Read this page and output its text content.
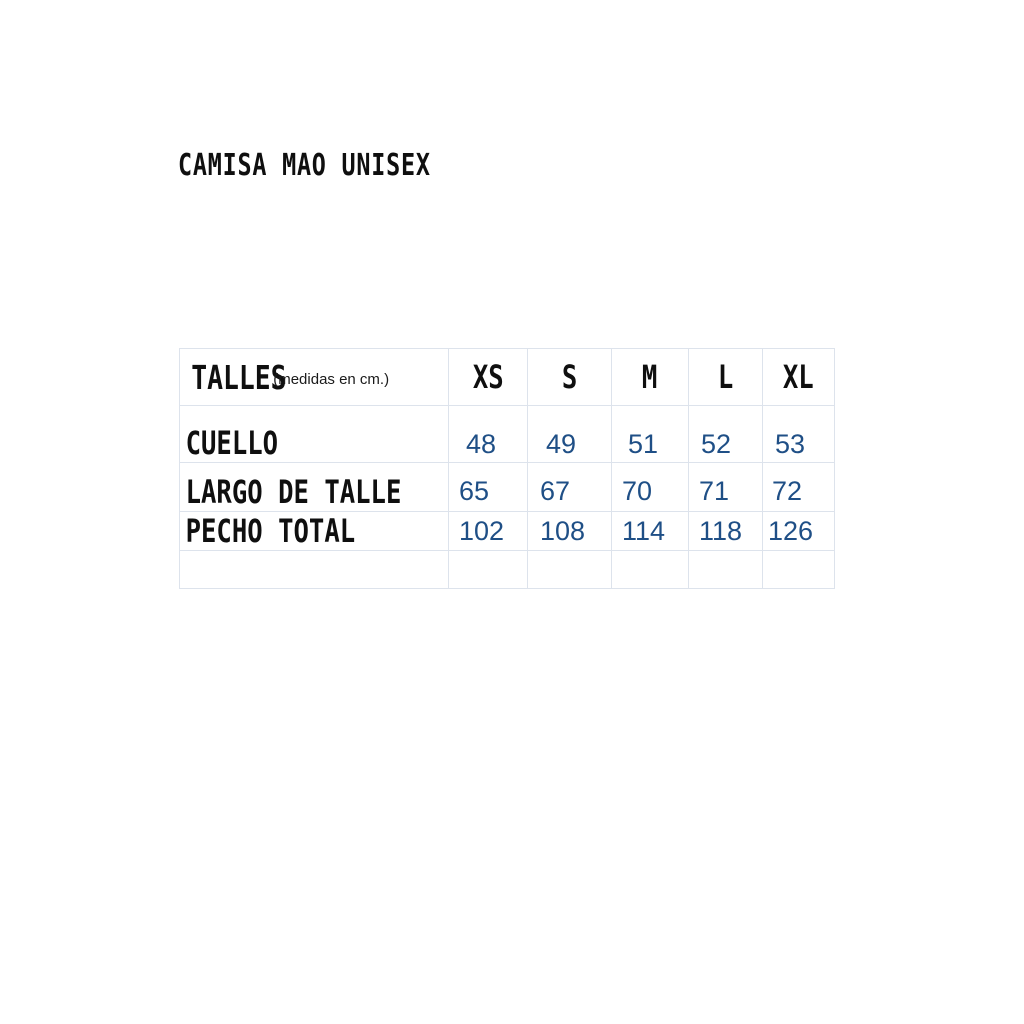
CAMISA MAO UNISEX
TALLES(medidas en cm.)	XS	S	M	L	XL
CUELLO	48	49	51	52	53
LARGO DE TALLE	65	67	70	71	72
PECHO TOTAL	102	108	114	118	126
